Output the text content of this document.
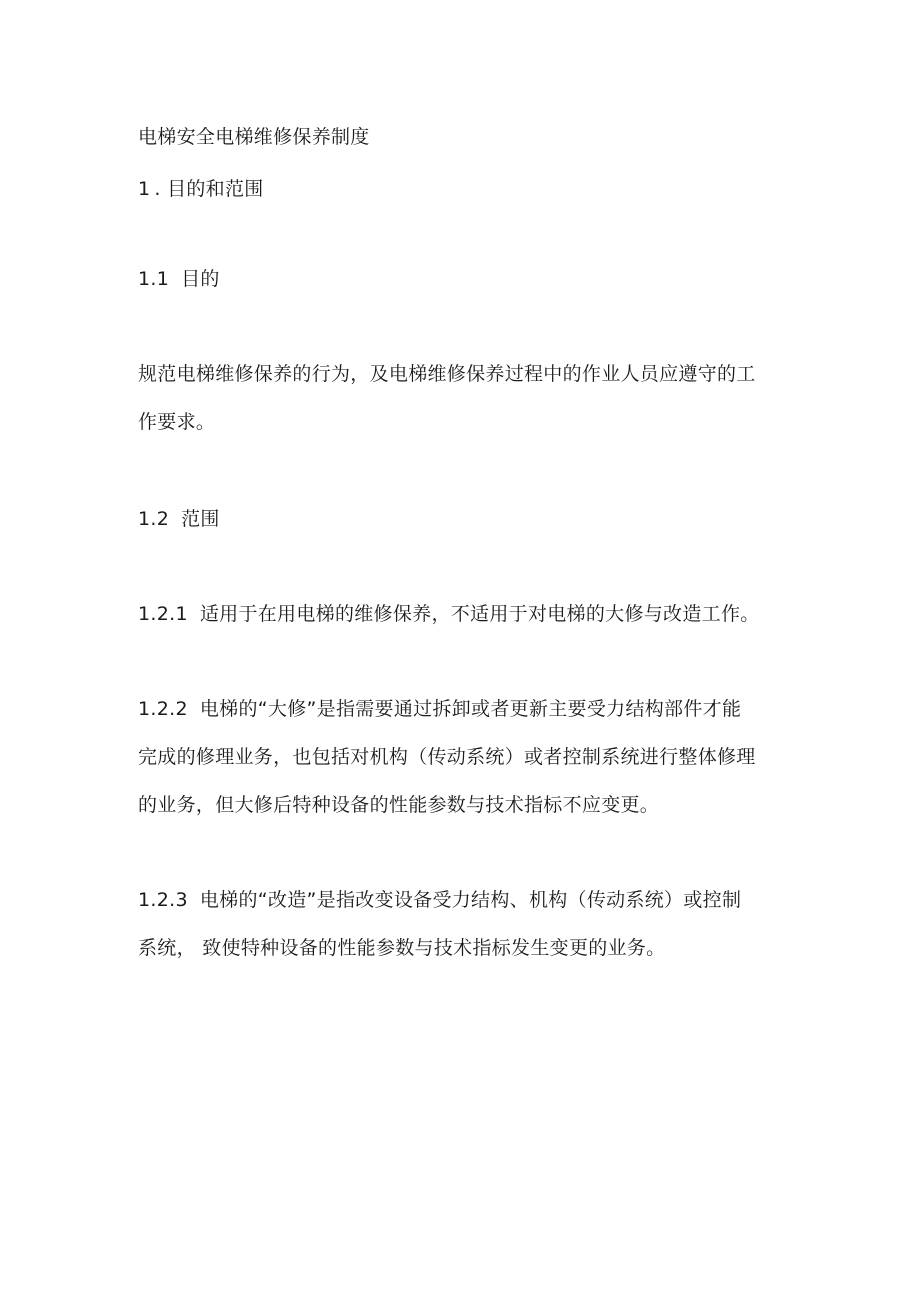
电梯安全电梯维修保养制度
1 . 目的和范围
1.1 目的
规范电梯维修保养的行为，及电梯维修保养过程中的作业人员应遵守的工
作要求。
1.2 范围
1.2.1 适用于在用电梯的维修保养，不适用于对电梯的大修与改造工作。
1.2.2 电梯的“大修”是指需要通过拆卸或者更新主要受力结构部件才能
完成的修理业务，也包括对机构（传动系统）或者控制系统进行整体修理
的业务，但大修后特种设备的性能参数与技术指标不应变更。
1.2.3 电梯的“改造”是指改变设备受力结构、机构（传动系统）或控制
系统， 致使特种设备的性能参数与技术指标发生变更的业务。
